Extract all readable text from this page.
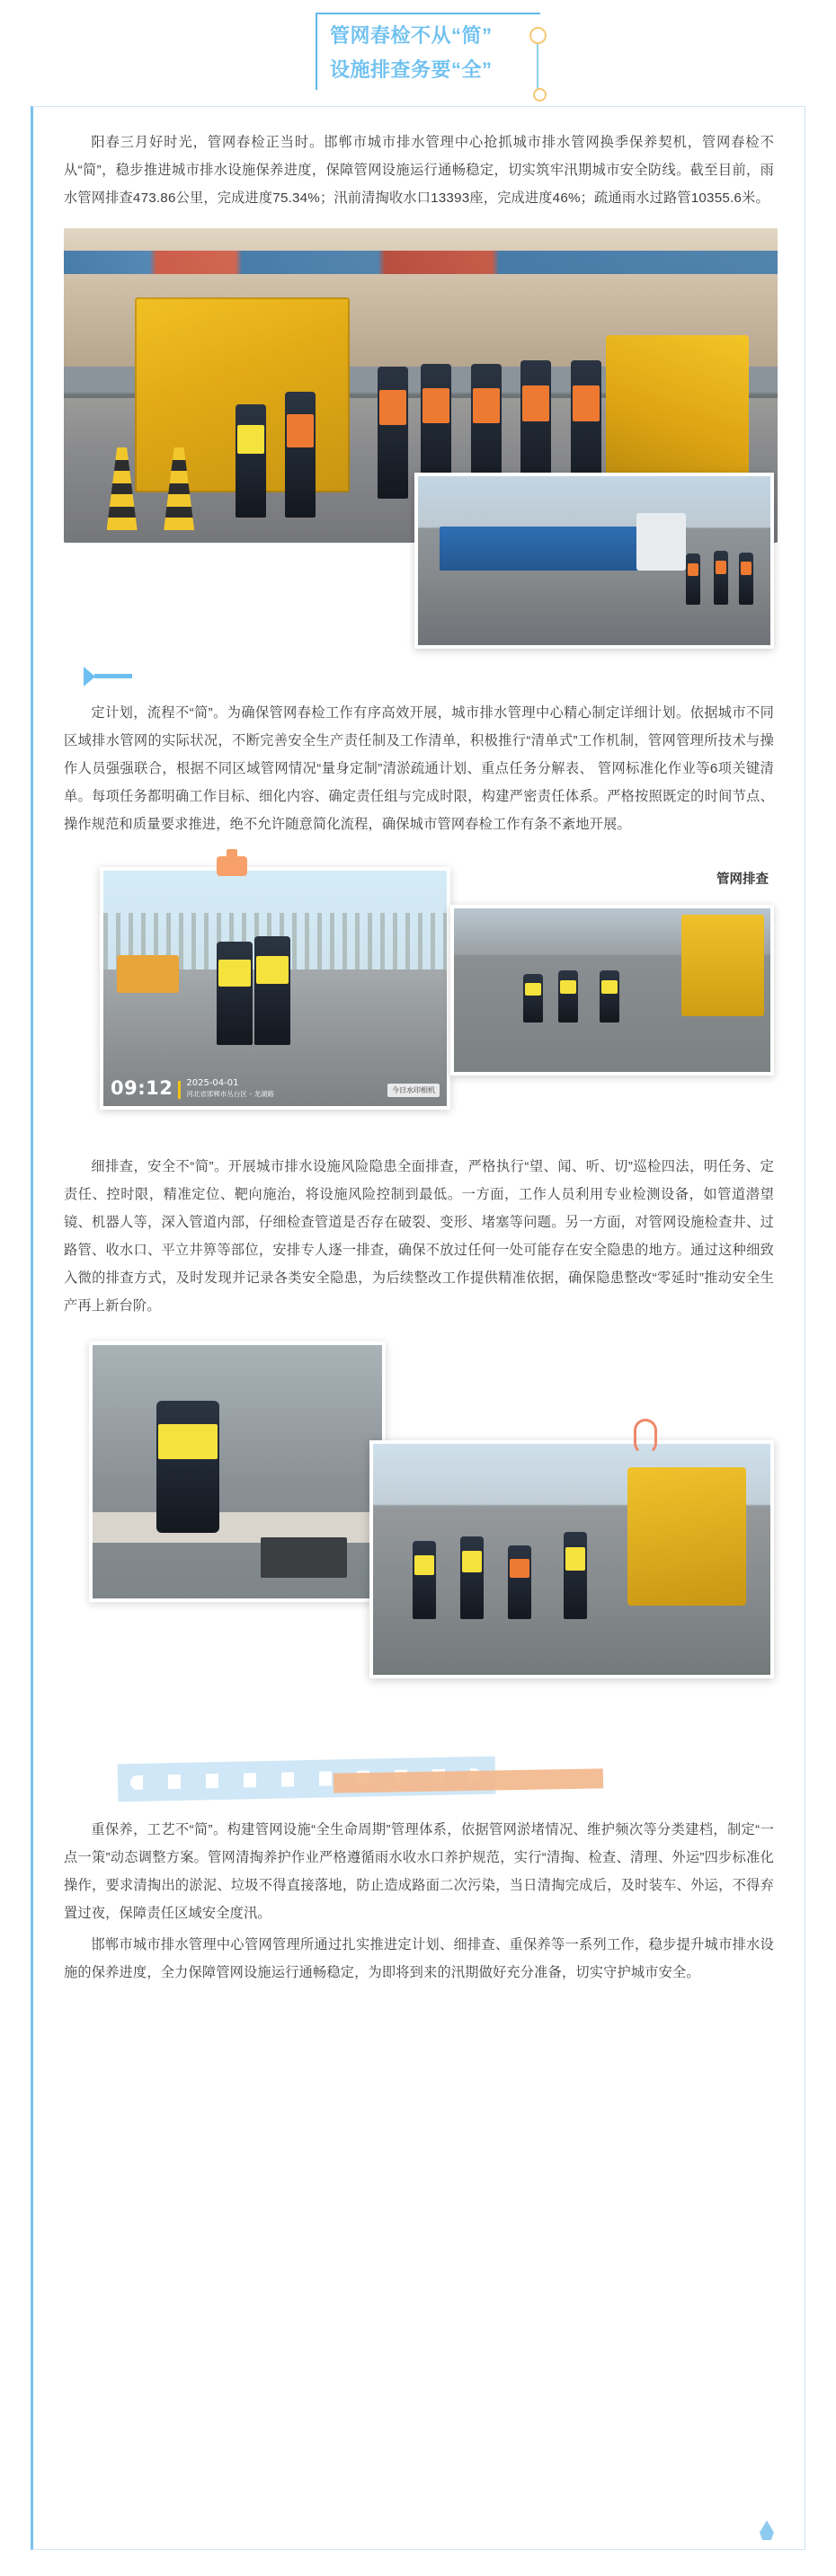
管网春检不从“简”
设施排查务要“全”

阳春三月好时光，管网春检正当时。邯郸市城市排水管理中心抢抓城市排水管网换季保养契机，管网春检不从“简”，稳步推进城市排水设施保养进度，保障管网设施运行通畅稳定，切实筑牢汛期城市安全防线。截至目前，雨水管网排查473.86公里，完成进度75.34%；汛前清掏收水口13393座，完成进度46%；疏通雨水过路管10355.6米。

定计划，流程不“简”。为确保管网春检工作有序高效开展，城市排水管理中心精心制定详细计划。依据城市不同区域排水管网的实际状况，不断完善安全生产责任制及工作清单，积极推行“清单式”工作机制，管网管理所技术与操作人员强强联合，根据不同区域管网情况“量身定制”清淤疏通计划、重点任务分解表、 管网标准化作业等6项关键清单。每项任务都明确工作目标、细化内容、确定责任组与完成时限，构建严密责任体系。严格按照既定的时间节点、操作规范和质量要求推进，绝不允许随意简化流程，确保城市管网春检工作有条不紊地开展。

09:12 2025-04-01
河北省邯郸市丛台区 - 龙湖路	今日水印相机
管网排查

细排查，安全不“简”。开展城市排水设施风险隐患全面排查，严格执行“望、闻、听、切”巡检四法，明任务、定责任、控时限，精准定位、靶向施治，将设施风险控制到最低。一方面，工作人员利用专业检测设备，如管道潜望镜、机器人等，深入管道内部，仔细检查管道是否存在破裂、变形、堵塞等问题。另一方面，对管网设施检查井、过路管、收水口、平立井箅等部位，安排专人逐一排查，确保不放过任何一处可能存在安全隐患的地方。通过这种细致入微的排查方式，及时发现并记录各类安全隐患，为后续整改工作提供精准依据，确保隐患整改“零延时”推动安全生产再上新台阶。

重保养，工艺不“简”。构建管网设施“全生命周期”管理体系，依据管网淤堵情况、维护频次等分类建档，制定“一点一策”动态调整方案。管网清掏养护作业严格遵循雨水收水口养护规范，实行“清掏、检查、清理、外运”四步标准化操作，要求清掏出的淤泥、垃圾不得直接落地，防止造成路面二次污染，当日清掏完成后，及时装车、外运，不得弃置过夜，保障责任区域安全度汛。

邯郸市城市排水管理中心管网管理所通过扎实推进定计划、细排查、重保养等一系列工作，稳步提升城市排水设施的保养进度，全力保障管网设施运行通畅稳定，为即将到来的汛期做好充分准备，切实守护城市安全。
